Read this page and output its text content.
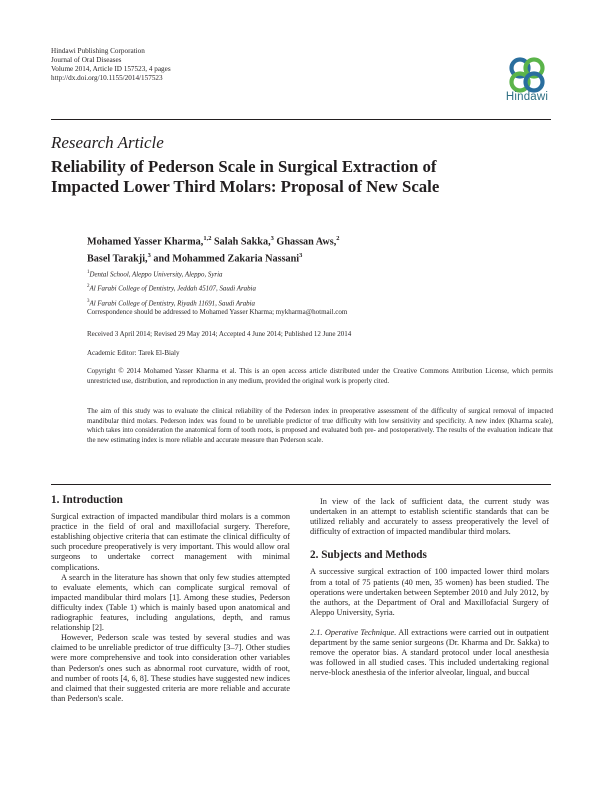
Hindawi Publishing Corporation
Journal of Oral Diseases
Volume 2014, Article ID 157523, 4 pages
http://dx.doi.org/10.1155/2014/157523
Hindawi
Research Article
Reliability of Pederson Scale in Surgical Extraction of
Impacted Lower Third Molars: Proposal of New Scale
Mohamed Yasser Kharma,$^{1,2}$ Salah Sakka,$^3$ Ghassan Aws,$^2$
Basel Tarakji,$^3$ and Mohammed Zakaria Nassani$^3$
$^1$Dental School, Aleppo University, Aleppo, Syria
$^2$Al Farabi College of Dentistry, Jeddah 45107, Saudi Arabia
$^3$Al Farabi College of Dentistry, Riyadh 11691, Saudi Arabia
Correspondence should be addressed to Mohamed Yasser Kharma; mykharma@hotmail.com
Received 3 April 2014; Revised 29 May 2014; Accepted 4 June 2014; Published 12 June 2014
Academic Editor: Tarek El-Bialy
Copyright © 2014 Mohamed Yasser Kharma et al. This is an open access article distributed under the Creative Commons Attribution License, which permits unrestricted use, distribution, and reproduction in any medium, provided the original work is properly cited.
The aim of this study was to evaluate the clinical reliability of the Pederson index in preoperative assessment of the difficulty of surgical removal of impacted mandibular third molars. Pederson index was found to be unreliable predictor of true difficulty with low sensitivity and specificity. A new index (Kharma scale), which takes into consideration the anatomical form of tooth roots, is proposed and evaluated both pre- and postoperatively. The results of the evaluation indicate that the new estimating index is more reliable and accurate measure than Pederson scale.

1. Introduction

Surgical extraction of impacted mandibular third molars is a common practice in the field of oral and maxillofacial surgery. Therefore, establishing objective criteria that can estimate the clinical difficulty of such procedure preoperatively is very important. This would allow oral surgeons to undertake correct management with minimal complications.

A search in the literature has shown that only few studies attempted to evaluate elements, which can complicate surgical removal of impacted mandibular third molars [1]. Among these studies, Pederson difficulty index (Table 1) which is mainly based upon anatomical and radiographic features, including angulations, depth, and ramus relationship [2].

However, Pederson scale was tested by several studies and was claimed to be unreliable predictor of true difficulty [3–7]. Other studies were more comprehensive and took into consideration other variables than Pederson's ones such as abnormal root curvature, width of root, and number of roots [4, 6, 8]. These studies have suggested new indices and claimed that their suggested criteria are more reliable and accurate than Pederson's scale.

In view of the lack of sufficient data, the current study was undertaken in an attempt to establish scientific standards that can be utilized reliably and accurately to assess preoperatively the level of difficulty of extraction of impacted mandibular third molars.

2. Subjects and Methods

A successive surgical extraction of 100 impacted lower third molars from a total of 75 patients (40 men, 35 women) has been studied. The operations were undertaken between September 2010 and July 2012, by the authors, at the Department of Oral and Maxillofacial Surgery of Aleppo University, Syria.

2.1. Operative Technique. All extractions were carried out in outpatient department by the same senior surgeons (Dr. Kharma and Dr. Sakka) to remove the operator bias. A standard protocol under local anesthesia was followed in all studied cases. This included undertaking regional nerve-block anesthesia of the inferior alveolar, lingual, and buccal
